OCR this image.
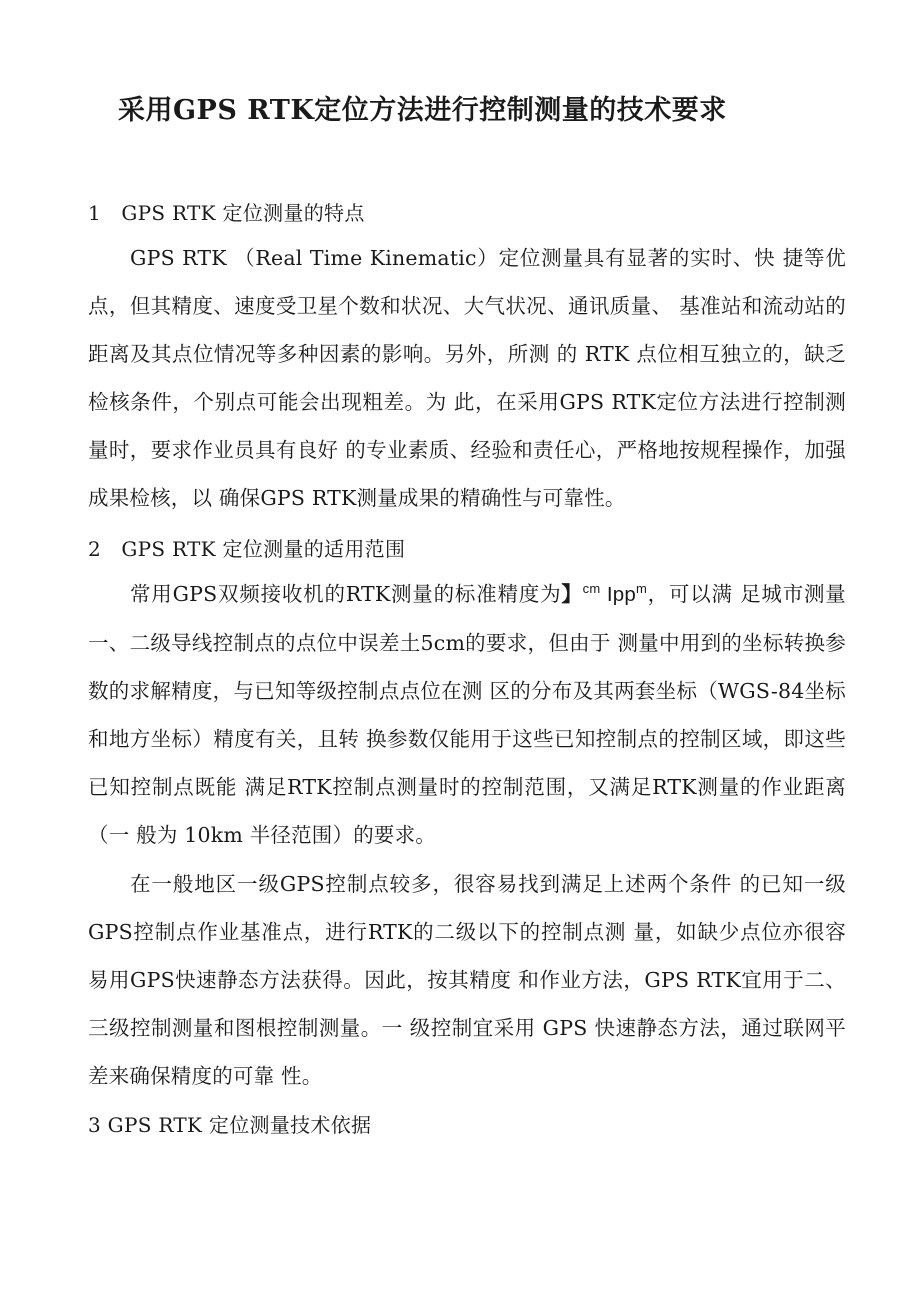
采用GPS RTK定位方法进行控制测量的技术要求
1　GPS RTK 定位测量的特点
GPS RTK （Real Time Kinematic）定位测量具有显著的实时、快 捷等优点，但其精度、速度受卫星个数和状况、大气状况、通讯质量、 基准站和流动站的距离及其点位情况等多种因素的影响。另外，所测 的 RTK 点位相互独立的，缺乏检核条件，个别点可能会出现粗差。为 此，在采用GPS RTK定位方法进行控制测量时，要求作业员具有良好 的专业素质、经验和责任心，严格地按规程操作，加强成果检核，以 确保GPS RTK测量成果的精确性与可靠性。
2　GPS RTK 定位测量的适用范围
常用GPS双频接收机的RTK测量的标准精度为】$^{cm}$ Ipp$^m$，可以满 足城市测量一、二级导线控制点的点位中误差土5cm的要求，但由于 测量中用到的坐标转换参数的求解精度，与已知等级控制点点位在测 区的分布及其两套坐标（WGS-84坐标和地方坐标）精度有关，且转 换参数仅能用于这些已知控制点的控制区域，即这些已知控制点既能 满足RTK控制点测量时的控制范围，又满足RTK测量的作业距离（一 般为 10km 半径范围）的要求。
在一般地区一级GPS控制点较多，很容易找到满足上述两个条件 的已知一级GPS控制点作业基准点，进行RTK的二级以下的控制点测 量，如缺少点位亦很容易用GPS快速静态方法获得。因此，按其精度 和作业方法，GPS RTK宜用于二、三级控制测量和图根控制测量。一 级控制宜采用 GPS 快速静态方法，通过联网平差来确保精度的可靠 性。
3 GPS RTK 定位测量技术依据
